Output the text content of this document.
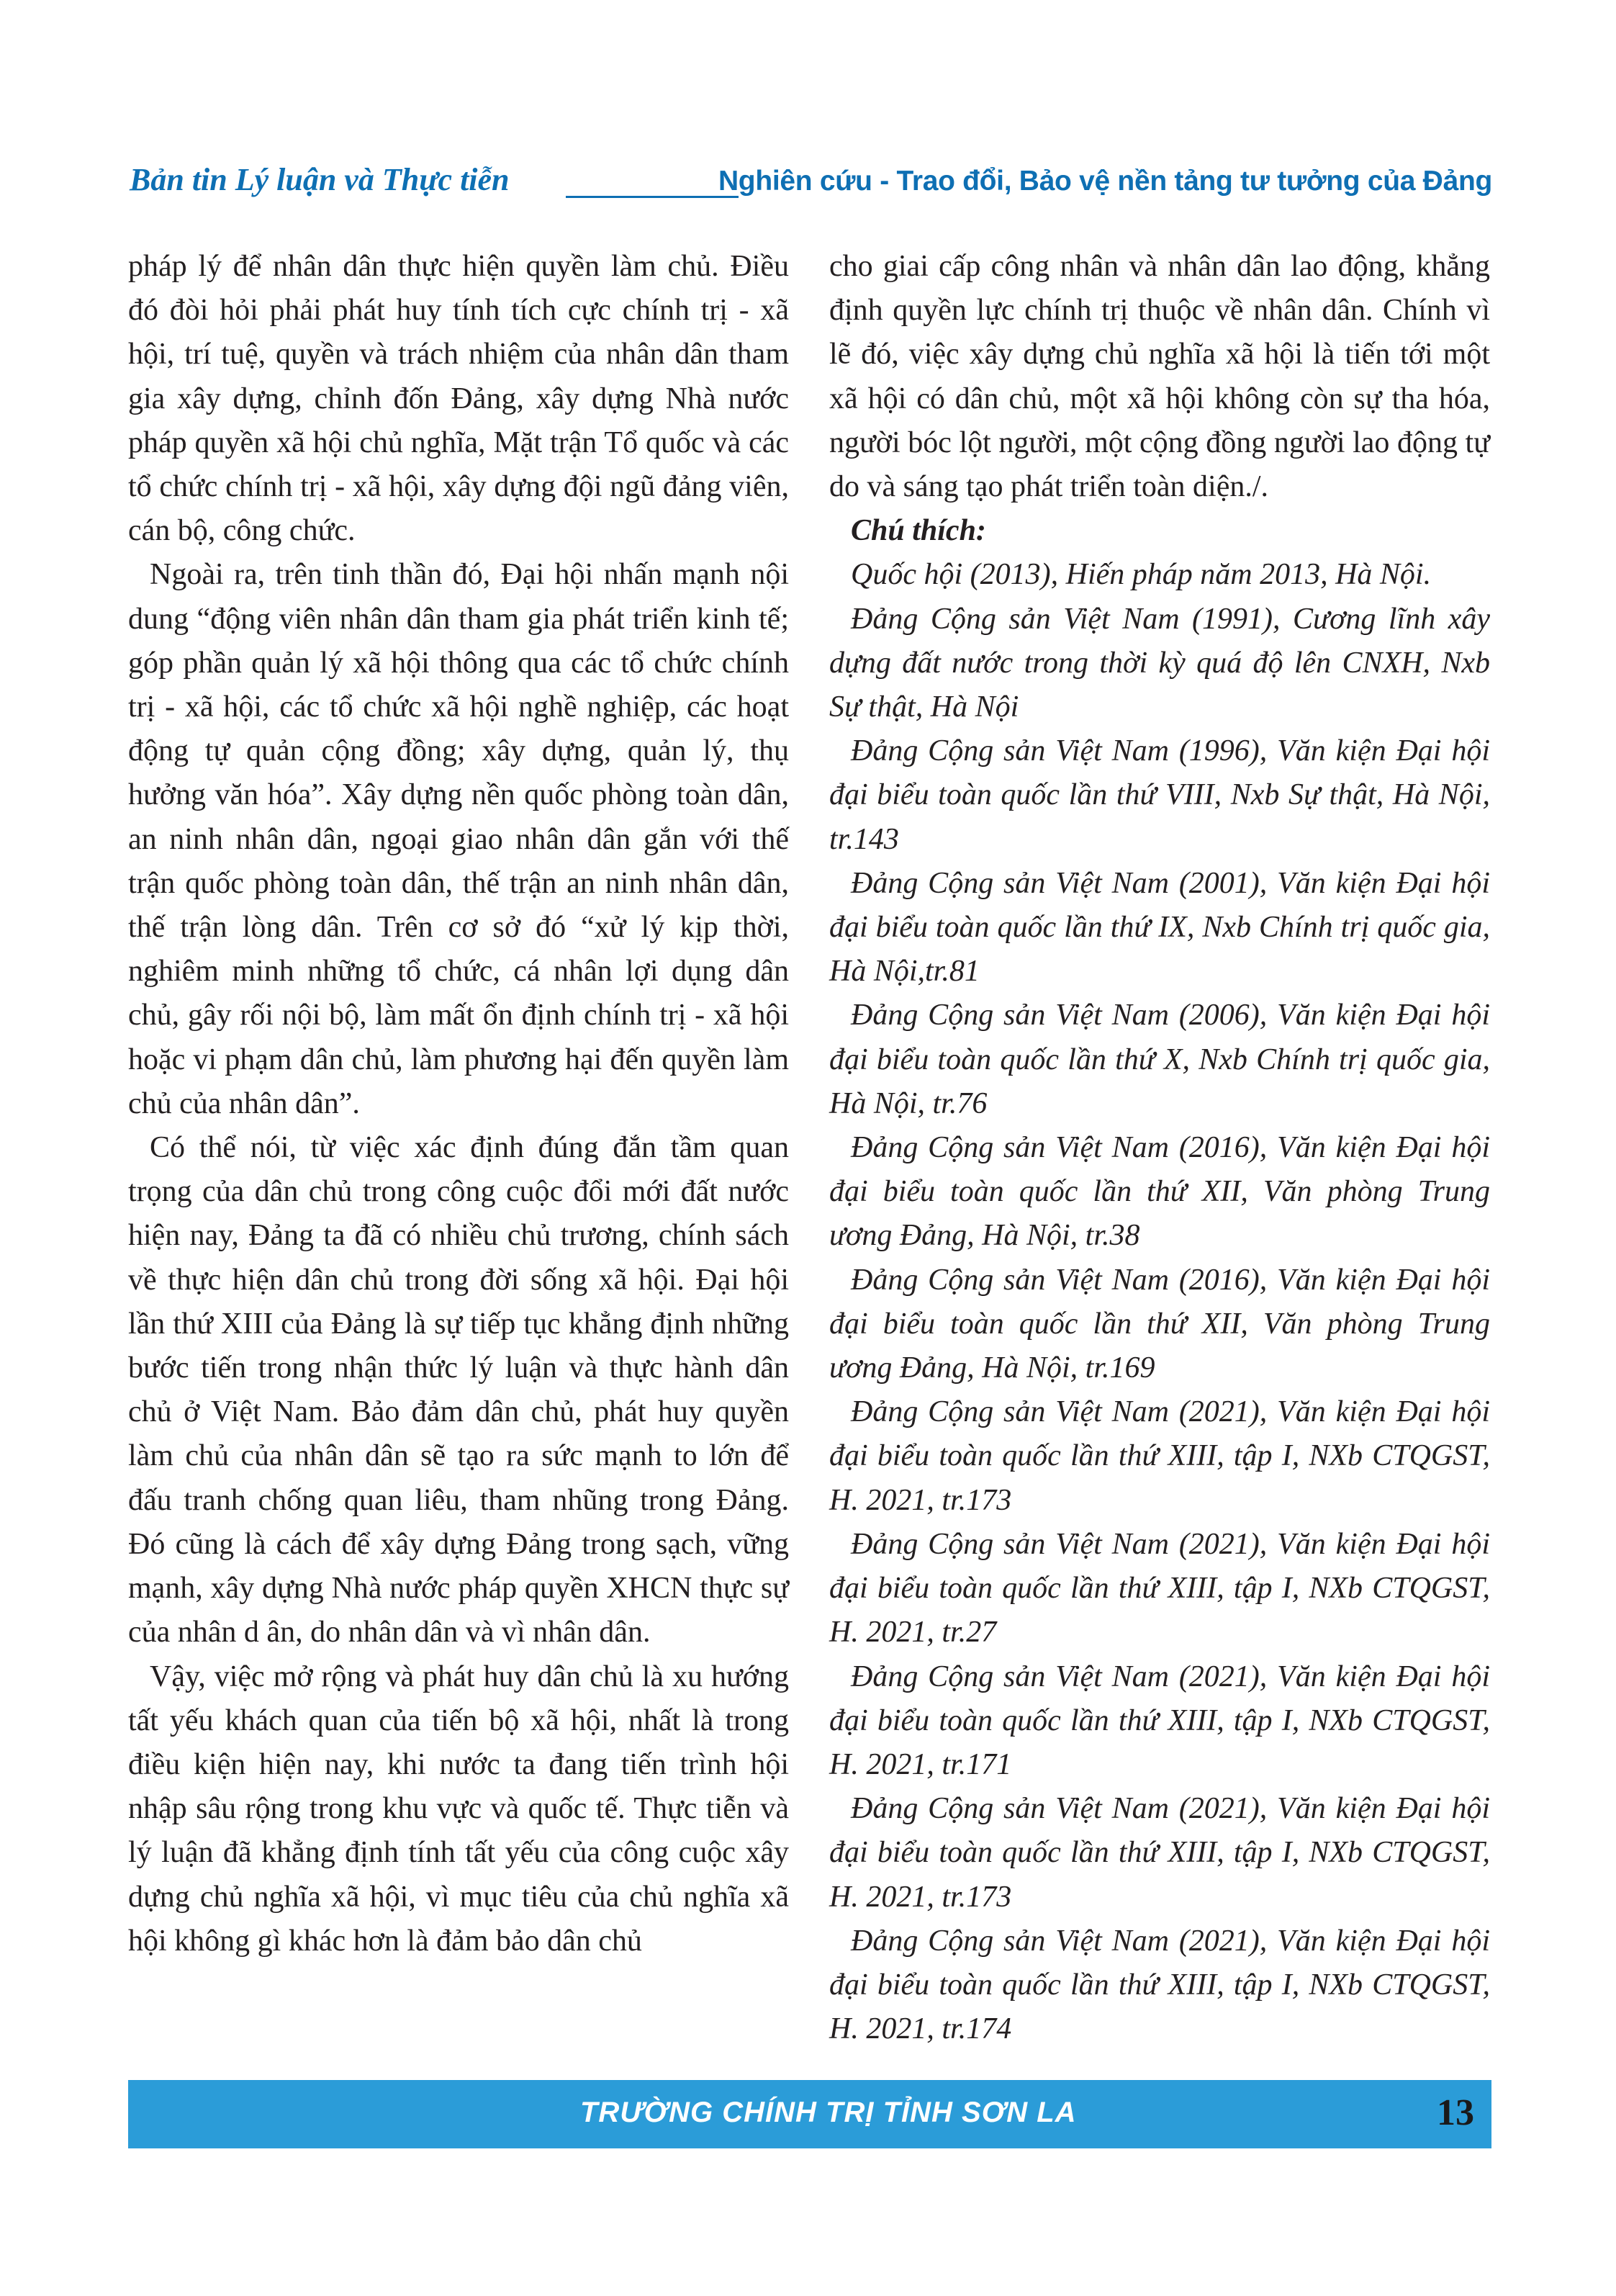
Bản tin Lý luận và Thực tiễn	Nghiên cứu - Trao đổi, Bảo vệ nền tảng tư tưởng của Đảng

pháp lý để nhân dân thực hiện quyền làm chủ. Điều đó đòi hỏi phải phát huy tính tích cực chính trị - xã hội, trí tuệ, quyền và trách nhiệm của nhân dân tham gia xây dựng, chỉnh đốn Đảng, xây dựng Nhà nước pháp quyền xã hội chủ nghĩa, Mặt trận Tổ quốc và các tổ chức chính trị - xã hội, xây dựng đội ngũ đảng viên, cán bộ, công chức.

Ngoài ra, trên tinh thần đó, Đại hội nhấn mạnh nội dung “động viên nhân dân tham gia phát triển kinh tế; góp phần quản lý xã hội thông qua các tổ chức chính trị - xã hội, các tổ chức xã hội nghề nghiệp, các hoạt động tự quản cộng đồng; xây dựng, quản lý, thụ hưởng văn hóa”. Xây dựng nền quốc phòng toàn dân, an ninh nhân dân, ngoại giao nhân dân gắn với thế trận quốc phòng toàn dân, thế trận an ninh nhân dân, thế trận lòng dân. Trên cơ sở đó “xử lý kịp thời, nghiêm minh những tổ chức, cá nhân lợi dụng dân chủ, gây rối nội bộ, làm mất ổn định chính trị - xã hội hoặc vi phạm dân chủ, làm phương hại đến quyền làm chủ của nhân dân”.

Có thể nói, từ việc xác định đúng đắn tầm quan trọng của dân chủ trong công cuộc đổi mới đất nước hiện nay, Đảng ta đã có nhiều chủ trương, chính sách về thực hiện dân chủ trong đời sống xã hội. Đại hội lần thứ XIII của Đảng là sự tiếp tục khẳng định những bước tiến trong nhận thức lý luận và thực hành dân chủ ở Việt Nam. Bảo đảm dân chủ, phát huy quyền làm chủ của nhân dân sẽ tạo ra sức mạnh to lớn để đấu tranh chống quan liêu, tham nhũng trong Đảng. Đó cũng là cách để xây dựng Đảng trong sạch, vững mạnh, xây dựng Nhà nước pháp quyền XHCN thực sự của nhân d ân, do nhân dân và vì nhân dân.

Vậy, việc mở rộng và phát huy dân chủ là xu hướng tất yếu khách quan của tiến bộ xã hội, nhất là trong điều kiện hiện nay, khi nước ta đang tiến trình hội nhập sâu rộng trong khu vực và quốc tế. Thực tiễn và lý luận đã khẳng định tính tất yếu của công cuộc xây dựng chủ nghĩa xã hội, vì mục tiêu của chủ nghĩa xã hội không gì khác hơn là đảm bảo dân chủ

cho giai cấp công nhân và nhân dân lao động, khẳng định quyền lực chính trị thuộc về nhân dân. Chính vì lẽ đó, việc xây dựng chủ nghĩa xã hội là tiến tới một xã hội có dân chủ, một xã hội không còn sự tha hóa, người bóc lột người, một cộng đồng người lao động tự do và sáng tạo phát triển toàn diện./.

Chú thích:

Quốc hội (2013), Hiến pháp năm 2013, Hà Nội.

Đảng Cộng sản Việt Nam (1991), Cương lĩnh xây dựng đất nước trong thời kỳ quá độ lên CNXH, Nxb Sự thật, Hà Nội

Đảng Cộng sản Việt Nam (1996), Văn kiện Đại hội đại biểu toàn quốc lần thứ VIII, Nxb Sự thật, Hà Nội, tr.143

Đảng Cộng sản Việt Nam (2001), Văn kiện Đại hội đại biểu toàn quốc lần thứ IX, Nxb Chính trị quốc gia, Hà Nội,tr.81

Đảng Cộng sản Việt Nam (2006), Văn kiện Đại hội đại biểu toàn quốc lần thứ X, Nxb Chính trị quốc gia, Hà Nội, tr.76

Đảng Cộng sản Việt Nam (2016), Văn kiện Đại hội đại biểu toàn quốc lần thứ XII, Văn phòng Trung ương Đảng, Hà Nội, tr.38

Đảng Cộng sản Việt Nam (2016), Văn kiện Đại hội đại biểu toàn quốc lần thứ XII, Văn phòng Trung ương Đảng, Hà Nội, tr.169

Đảng Cộng sản Việt Nam (2021), Văn kiện Đại hội đại biểu toàn quốc lần thứ XIII, tập I, NXb CTQGST, H. 2021, tr.173

Đảng Cộng sản Việt Nam (2021), Văn kiện Đại hội đại biểu toàn quốc lần thứ XIII, tập I, NXb CTQGST, H. 2021, tr.27

Đảng Cộng sản Việt Nam (2021), Văn kiện Đại hội đại biểu toàn quốc lần thứ XIII, tập I, NXb CTQGST, H. 2021, tr.171

Đảng Cộng sản Việt Nam (2021), Văn kiện Đại hội đại biểu toàn quốc lần thứ XIII, tập I, NXb CTQGST, H. 2021, tr.173

Đảng Cộng sản Việt Nam (2021), Văn kiện Đại hội đại biểu toàn quốc lần thứ XIII, tập I, NXb CTQGST, H. 2021, tr.174

TRƯỜNG CHÍNH TRỊ TỈNH SƠN LA	13
